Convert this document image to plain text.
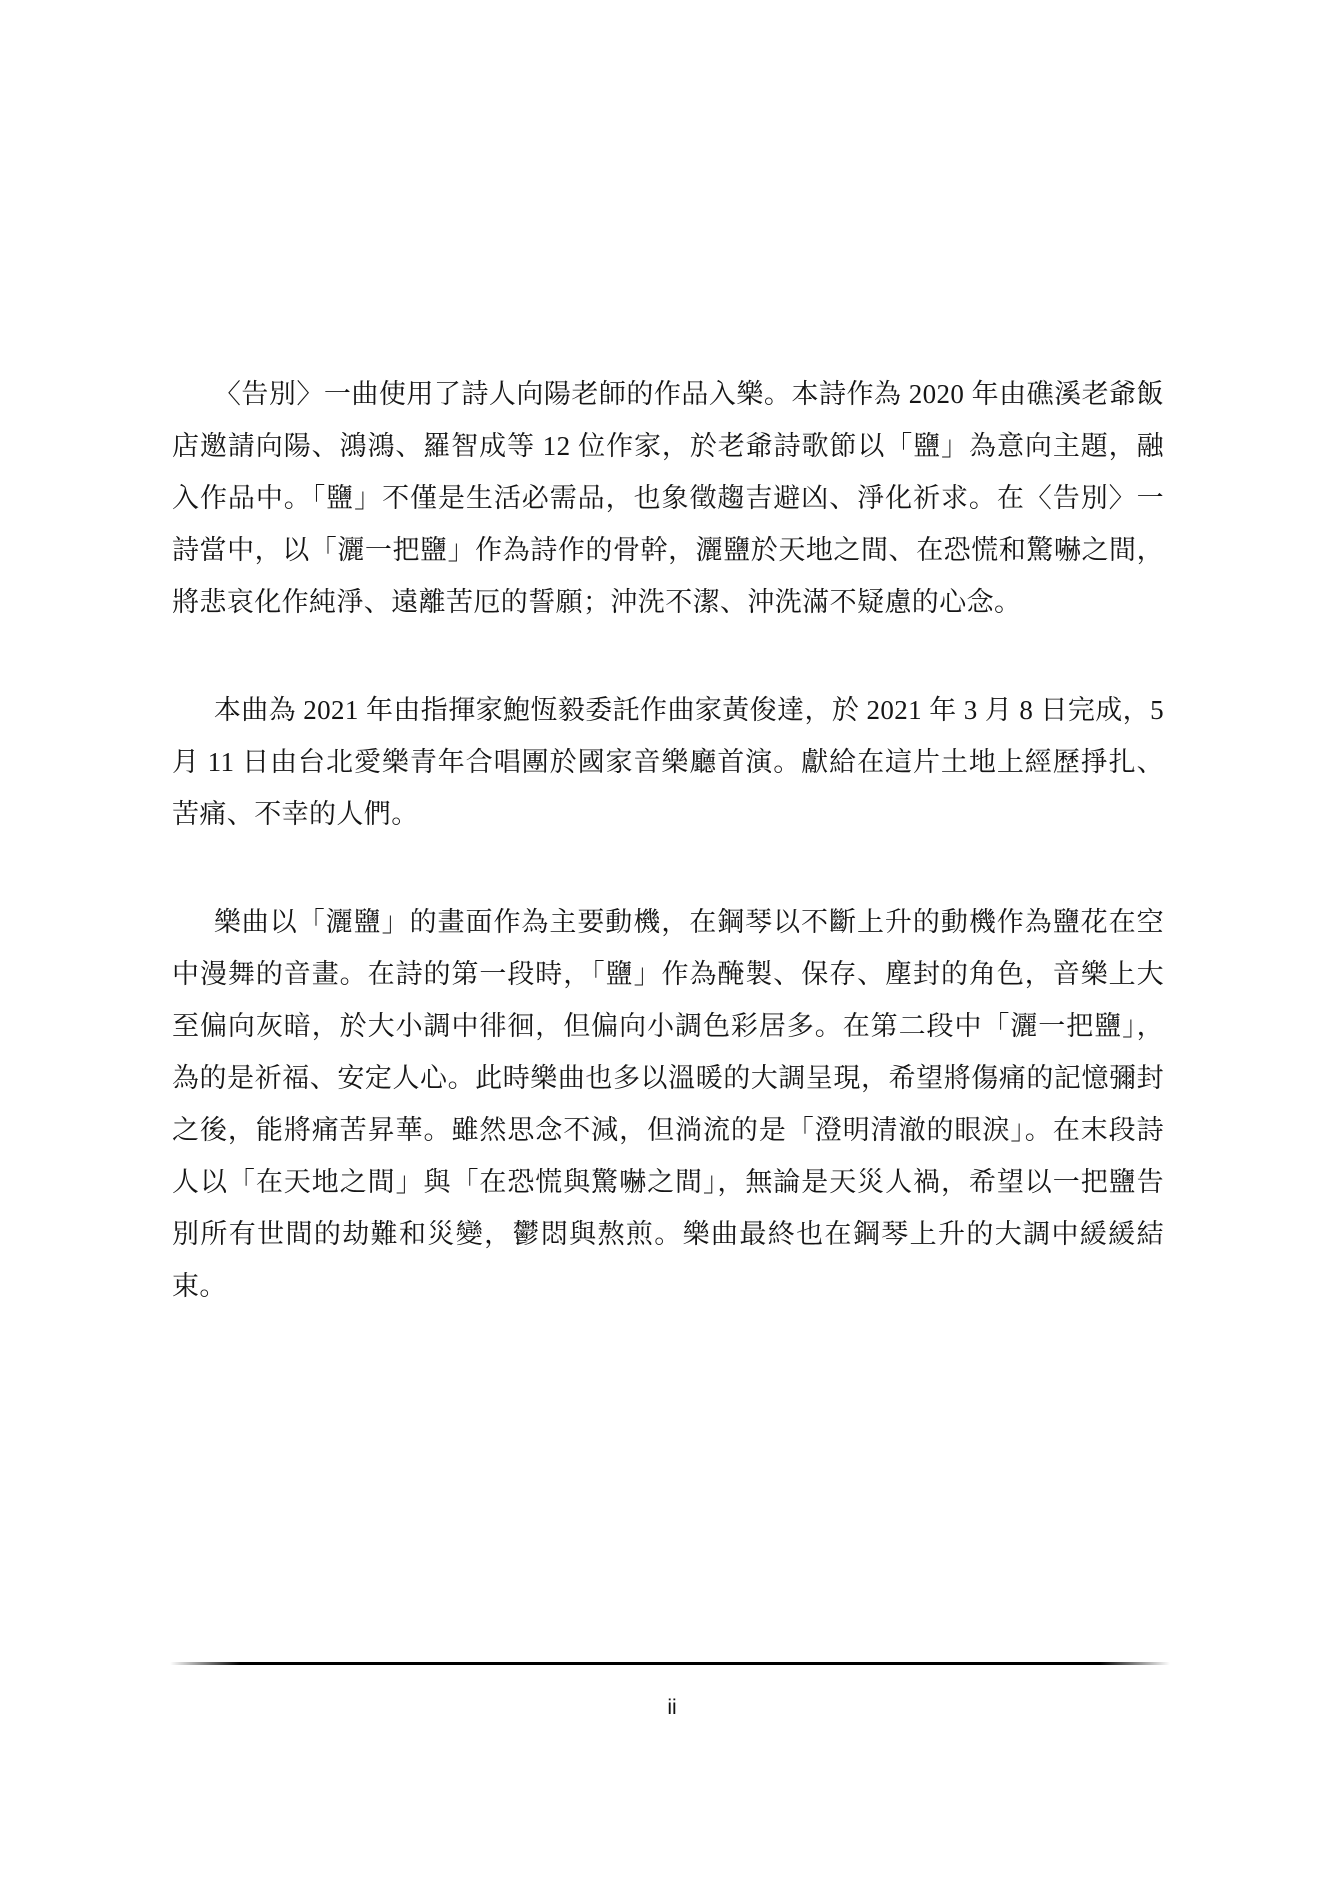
〈告別〉一曲使用了詩人向陽老師的作品入樂。本詩作為 2020 年由礁溪老爺飯店邀請向陽、鴻鴻、羅智成等 12 位作家，於老爺詩歌節以「鹽」為意向主題，融入作品中。「鹽」不僅是生活必需品，也象徵趨吉避凶、淨化祈求。在〈告別〉一詩當中，以「灑一把鹽」作為詩作的骨幹，灑鹽於天地之間、在恐慌和驚嚇之間，將悲哀化作純淨、遠離苦厄的誓願；沖洗不潔、沖洗滿不疑慮的心念。

本曲為 2021 年由指揮家鮑恆毅委託作曲家黃俊達，於 2021 年 3 月 8 日完成，5 月 11 日由台北愛樂青年合唱團於國家音樂廳首演。獻給在這片土地上經歷掙扎、苦痛、不幸的人們。

樂曲以「灑鹽」的畫面作為主要動機，在鋼琴以不斷上升的動機作為鹽花在空中漫舞的音畫。在詩的第一段時，「鹽」作為醃製、保存、塵封的角色，音樂上大至偏向灰暗，於大小調中徘徊，但偏向小調色彩居多。在第二段中「灑一把鹽」，為的是祈福、安定人心。此時樂曲也多以溫暖的大調呈現，希望將傷痛的記憶彌封之後，能將痛苦昇華。雖然思念不減，但淌流的是「澄明清澈的眼淚」。在末段詩人以「在天地之間」與「在恐慌與驚嚇之間」，無論是天災人禍，希望以一把鹽告別所有世間的劫難和災變，鬱悶與熬煎。樂曲最終也在鋼琴上升的大調中緩緩結束。

ii
